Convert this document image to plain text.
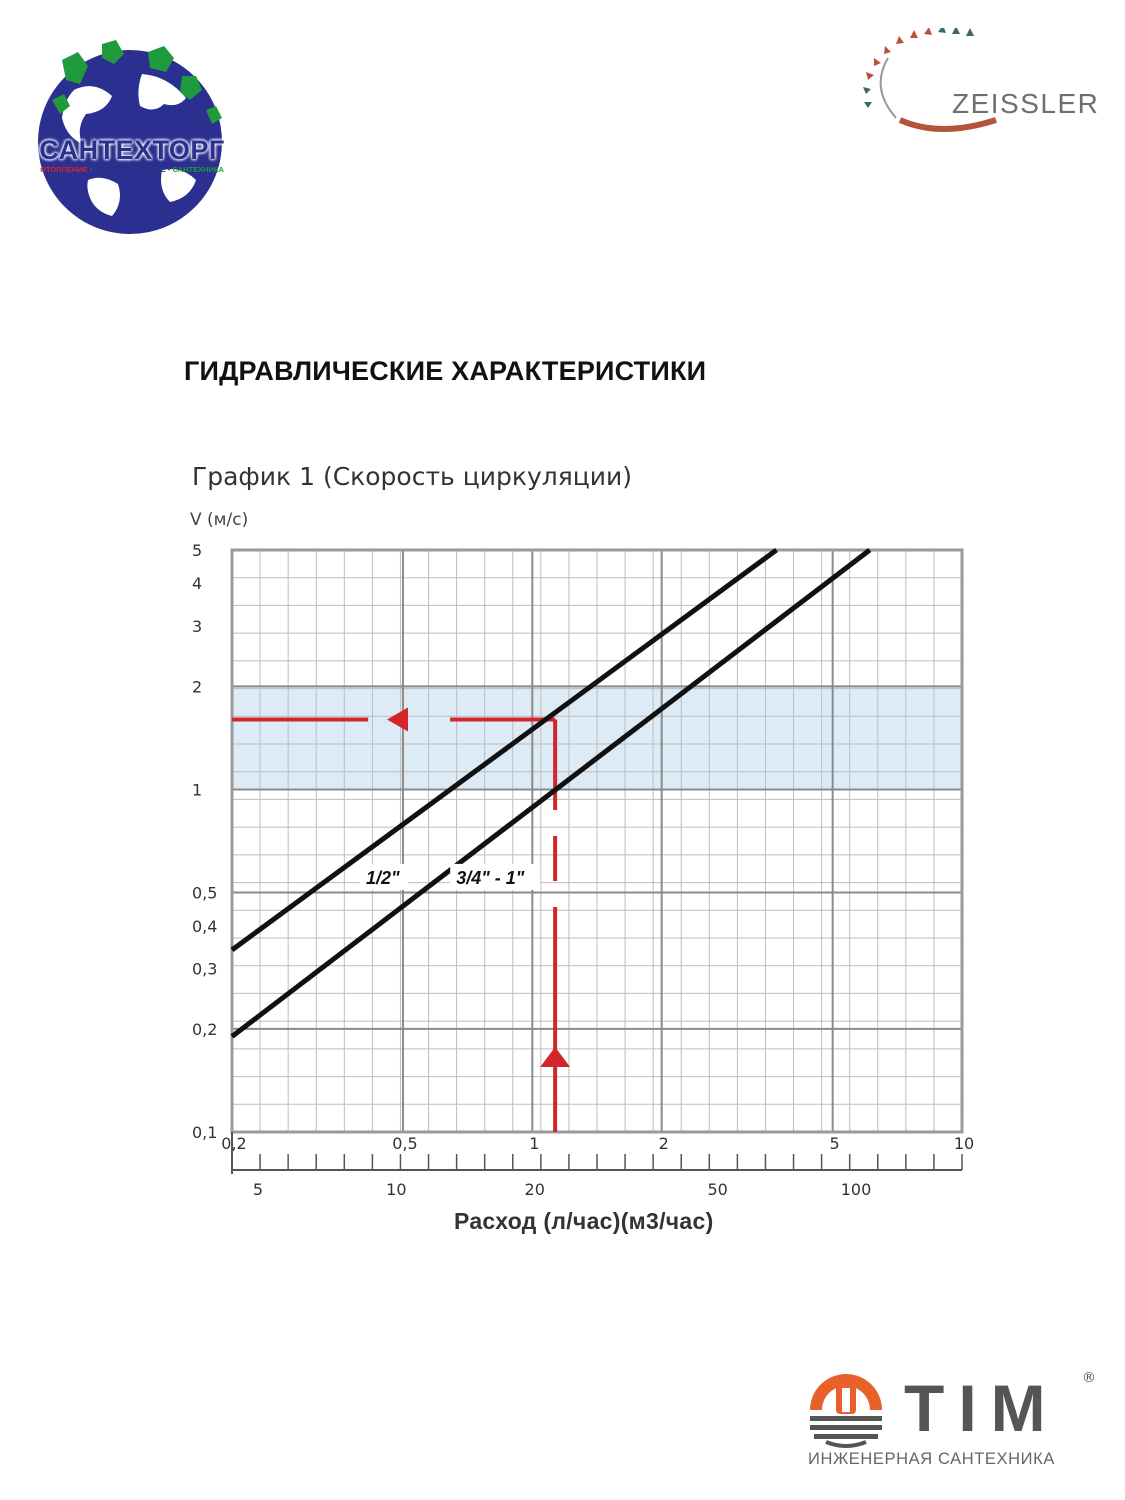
САНТЕХТОРГ
ОТОПЛЕНИЕ • ВОДОСНАБЖЕНИЕ • САНТЕХНИКА
ZEISSLER
ГИДРАВЛИЧЕСКИЕ ХАРАКТЕРИСТИКИ
График 1 (Скорость циркуляции)
V (м/с)
Расход (л/час)(м3/час)
0,1
0,2
0,3
0,4
0,5
1
2
3
4
5
0,2	0,5	1	2	5	10
5	10	20	50	100
1/2"	3/4" - 1"
TIM ®
ИНЖЕНЕРНАЯ САНТЕХНИКА
